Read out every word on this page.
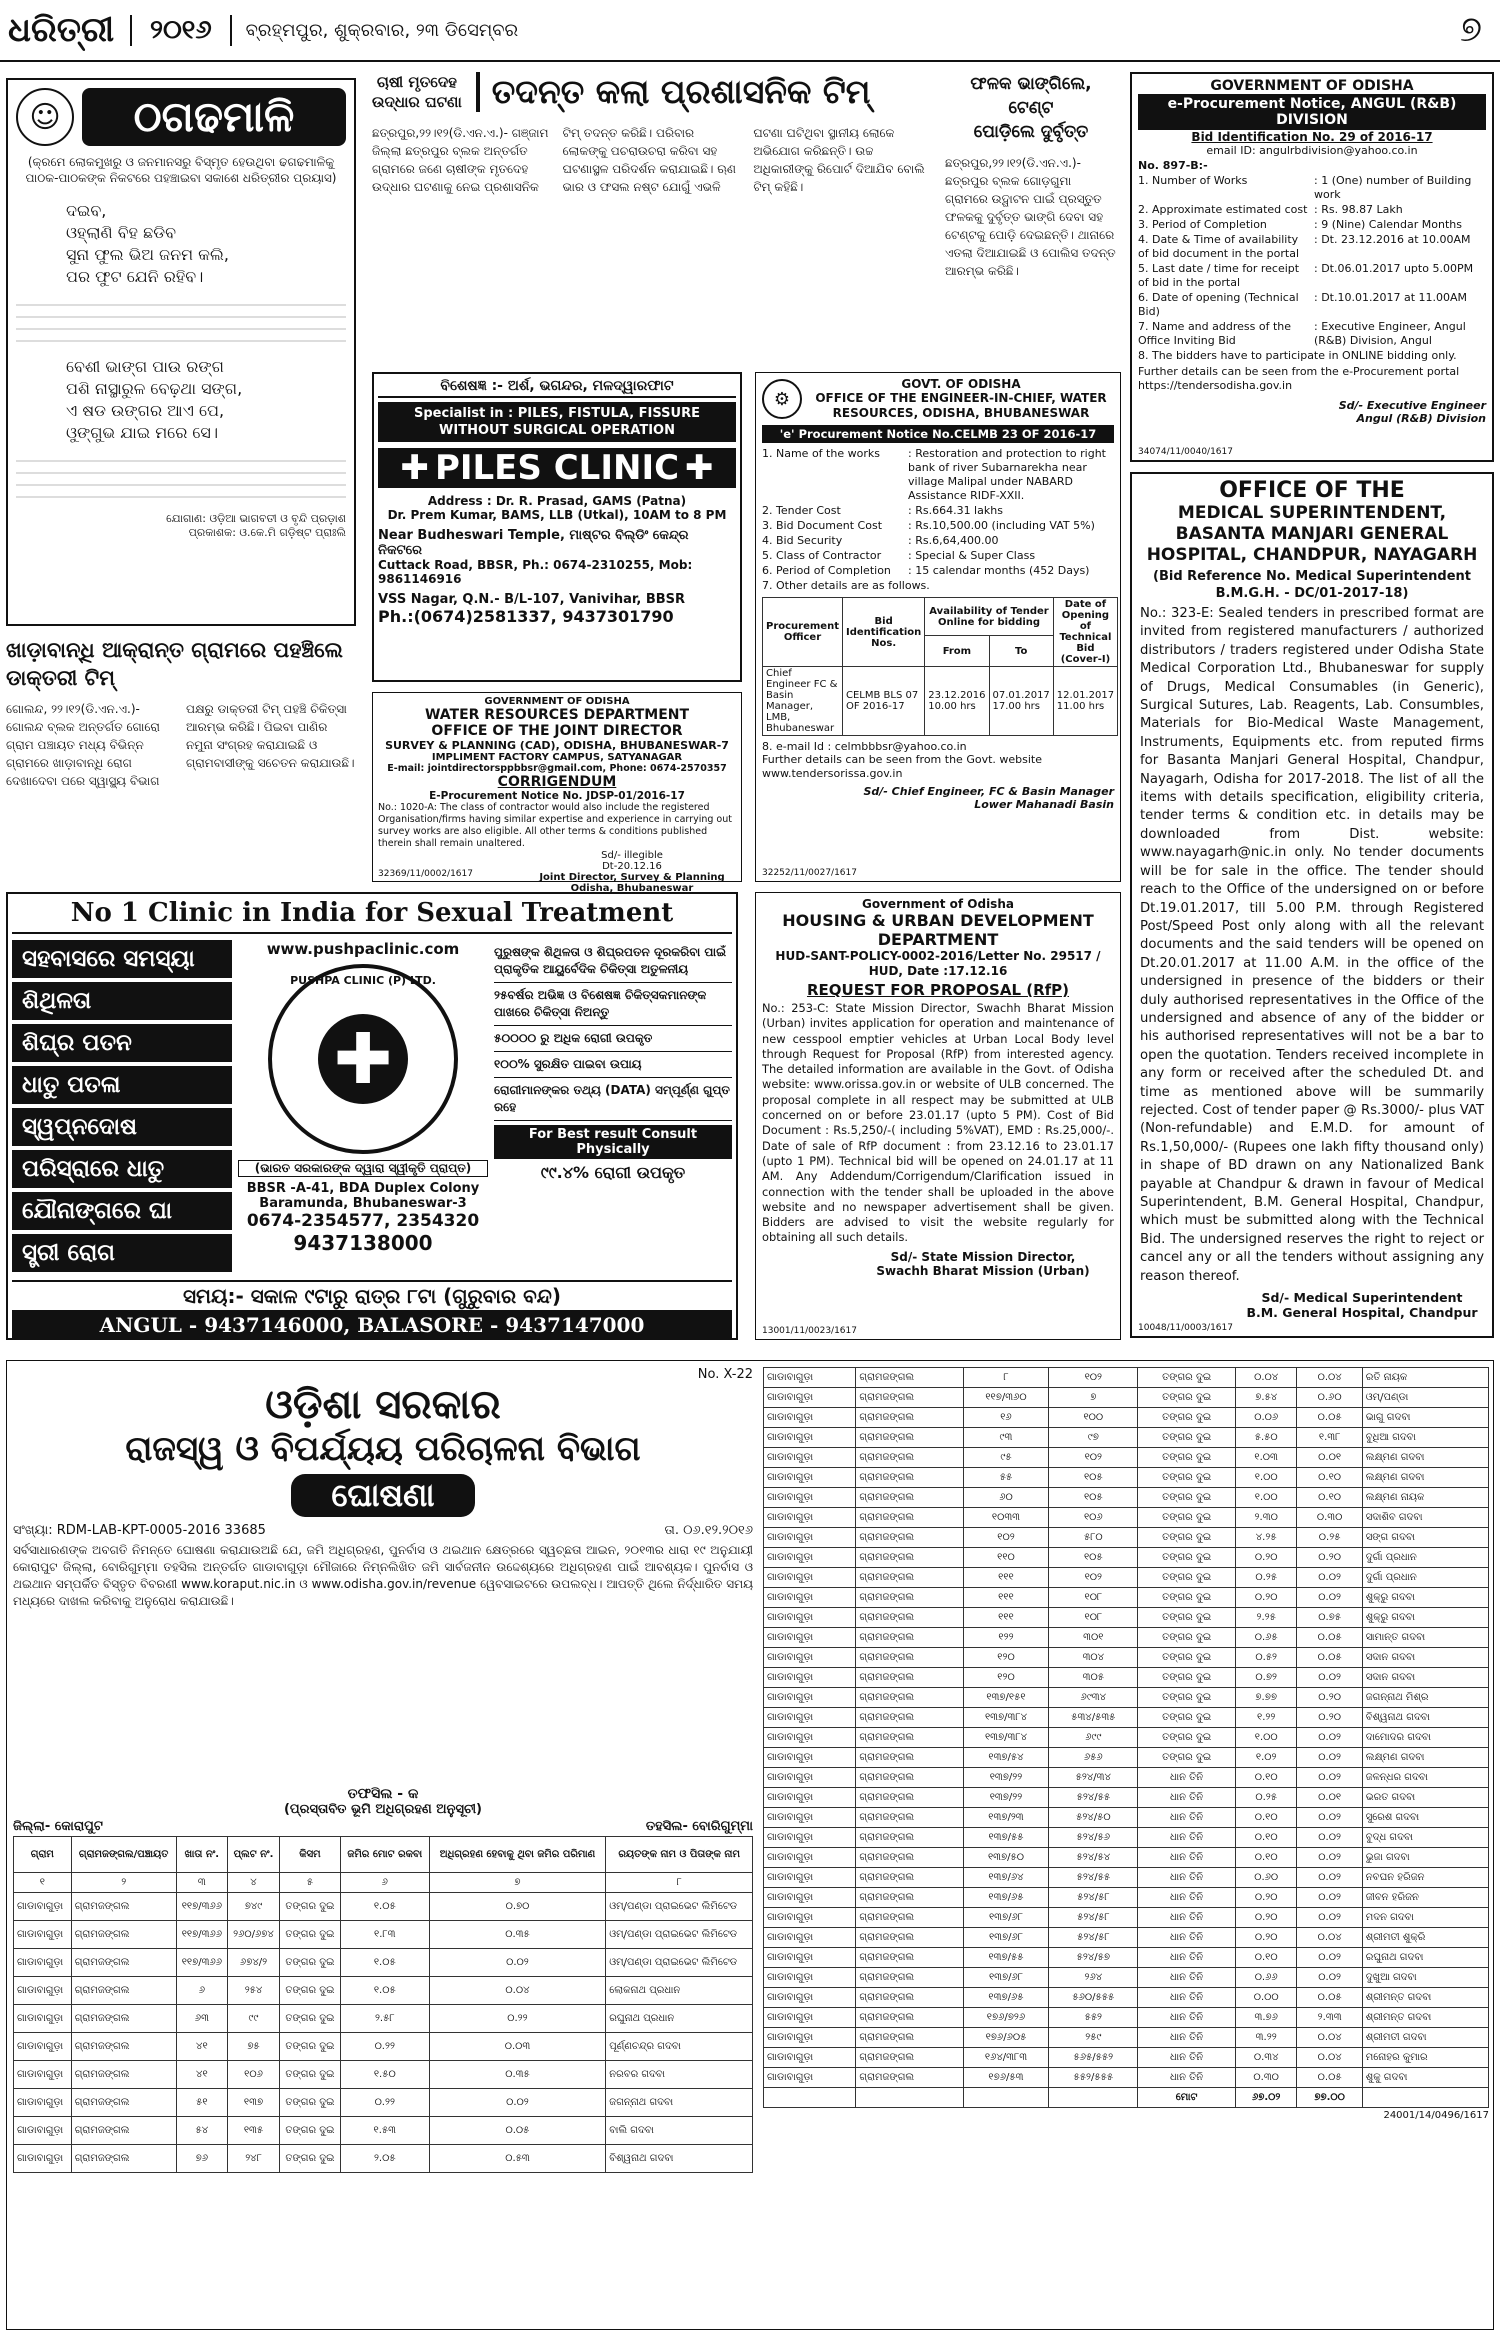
ଧରିତ୍ରୀ	୨୦୧୬	ବ୍ରହ୍ମପୁର, ଶୁକ୍ରବାର, ୨୩ ଡିସେମ୍ବର	୭
☺	ଠଗଢମାଳି
(କ୍ରମେ ଲୋକମୁଖରୁ ଓ ଜନମାନସରୁ ବିସ୍ମୃତ ହେଉଥିବା ଢଗଢମାଳିକୁ ପାଠକ-ପାଠକଙ୍କ ନିକଟରେ ପହଞ୍ଚାଇବା ସକାଶେ ଧରିତ୍ରୀର ପ୍ରୟାସ)
ଦଇବ,
ଓହ୍ଲାଣି ବିହ ଛଡିବ
ସୁନା ଫୁଲ ଭିଅ ଜନମ କଲି,
ପର ଫୁଟ ଯେନି ରହିବ।
ବେଶୀ ଭାଙ୍ଗ ପାଉ ରଙ୍ଗ
ପଶି ନାସ୍ଥାରୁଳ ବେଢ଼ଥା ସଙ୍ଗ,
ଏ ଷଡ ଉଙ୍ଗର ଆଏ ପେ,
ଓୁଙ୍ଗୁଭ ଯାଇ ମରେ ସେ।
ଯୋଗାଣ: ଓଡ଼ିଆ ଭାଗବତୀ ଓ ବୃନ୍ଦି ପ୍ରଡ଼ାଶ
ପ୍ରକାଶକ: ଓ.କେ.ମି ଗଡ଼ିଷ୍ଟ ପ୍ରାଃଲି
ଖାଡ଼ାବାନ୍ଧି ଆକ୍ରାନ୍ତ ଗ୍ରାମରେ ପହଞ୍ଚିଲେ ଡାକ୍ତରୀ ଟିମ୍
ଗୋଲନ୍ଦ, ୨୨।୧୨(ଡି.ଏନ.ଏ.)- ଗୋଲନ୍ଦ ବ୍ଲକ ଅନ୍ତର୍ଗତ ଗୋରୋ ଗ୍ରାମ ପଞ୍ଚାୟତ ମଧ୍ୟ ବିଭିନ୍ନ ଗ୍ରାମରେ ଖାଡ଼ାବାନ୍ଧି ରୋଗ ଦେଖାଦେବା ପରେ ସ୍ୱାସ୍ଥ୍ୟ ବିଭାଗ ପକ୍ଷରୁ ଡାକ୍ତରୀ ଟିମ୍ ପହଞ୍ଚି ଚିକିତ୍ସା ଆରମ୍ଭ କରିଛି। ପିଇବା ପାଣିର ନମୁନା ସଂଗ୍ରହ କରାଯାଇଛି ଓ ଗ୍ରାମବାସୀଙ୍କୁ ସଚେତନ କରାଯାଉଛି।
ଚାଷୀ ମୃତଦେହ
ଉଦ୍ଧାର ଘଟଣା ତଦନ୍ତ କଲା ପ୍ରଶାସନିକ ଟିମ୍
ଛତ୍ରପୁର,୨୨।୧୨(ଡି.ଏନ.ଏ.)- ଗଞ୍ଜାମ ଜିଲ୍ଲା ଛତ୍ରପୁର ବ୍ଲକ ଅନ୍ତର୍ଗତ ଗ୍ରାମରେ ଜଣେ ଚାଷୀଙ୍କ ମୃତଦେହ ଉଦ୍ଧାର ଘଟଣାକୁ ନେଇ ପ୍ରଶାସନିକ ଟିମ୍ ତଦନ୍ତ କରିଛି। ପରିବାର ଲୋକଙ୍କୁ ପଚରାଉଚରା କରିବା ସହ ଘଟଣାସ୍ଥଳ ପରିଦର୍ଶନ କରାଯାଇଛି। ଋଣ ଭାର ଓ ଫସଲ ନଷ୍ଟ ଯୋଗୁଁ ଏଭଳି ଘଟଣା ଘଟିଥିବା ସ୍ଥାନୀୟ ଲୋକେ ଅଭିଯୋଗ କରିଛନ୍ତି। ଉଚ୍ଚ ଅଧିକାରୀଙ୍କୁ ରିପୋର୍ଟ ଦିଆଯିବ ବୋଲି ଟିମ୍ କହିଛି।
ଫଳକ ଭାଙ୍ଗିଲେ, ଟେଣ୍ଟ
ପୋଡ଼ିଲେ ଦୁର୍ବୃତ୍ତ
ଛତ୍ରପୁର,୨୨।୧୨(ଡି.ଏନ.ଏ.)- ଛତ୍ରପୁର ବ୍ଲକ ଗୋଡ଼ଗୁମା ଗ୍ରାମରେ ଉଦ୍ଘାଟନ ପାଇଁ ପ୍ରସ୍ତୁତ ଫଳକକୁ ଦୁର୍ବୃତ୍ତ ଭାଙ୍ଗି ଦେବା ସହ ଟେଣ୍ଟକୁ ପୋଡ଼ି ଦେଇଛନ୍ତି। ଥାନାରେ ଏତଲା ଦିଆଯାଇଛି ଓ ପୋଲିସ ତଦନ୍ତ ଆରମ୍ଭ କରିଛି।
GOVERNMENT OF ODISHA
e-Procurement Notice, ANGUL (R&B) DIVISION
Bid Identification No. 29 of 2016-17
email ID: angulrbdivision@yahoo.co.in
No. 897-B:-
1. Number of Works	: 1 (One) number of Building work
2. Approximate estimated cost : Rs. 98.87 Lakh
3. Period of Completion	: 9 (Nine) Calendar Months
4. Date & Time of availability of bid document in the portal
: Dt. 23.12.2016 at 10.00AM
5. Last date / time for receipt of bid in the portal
: Dt.06.01.2017 upto 5.00PM
6. Date of opening (Technical Bid)
: Dt.10.01.2017 at 11.00AM
7. Name and address of the Office Inviting Bid
: Executive Engineer, Angul (R&B) Division, Angul
8. The bidders have to participate in ONLINE bidding only.
Further details can be seen from the e-Procurement portal https://tendersodisha.gov.in
Sd/- Executive Engineer
Angul (R&B) Division
34074/11/0040/1617
ବିଶେଷଜ୍ଞ :- ଅର୍ଶ, ଭଗନ୍ଦର, ମଳଦ୍ୱାରଫାଟ
Specialist in : PILES, FISTULA, FISSURE WITHOUT SURGICAL OPERATION
✚ PILES CLINIC ✚
Address : Dr. R. Prasad, GAMS (Patna)
Dr. Prem Kumar, BAMS, LLB (Utkal), 10AM to 8 PM
Near Budheswari Temple, ମାଷ୍ଟର ବିଲ୍ଡିଂ କେନ୍ଦ୍ର ନିକଟରେ
Cuttack Road, BBSR, Ph.: 0674-2310255, Mob: 9861146916
VSS Nagar, Q.N.- B/L-107, Vanivihar, BBSR
Ph.:(0674)2581337, 9437301790
GOVERNMENT OF ODISHA
WATER RESOURCES DEPARTMENT
OFFICE OF THE JOINT DIRECTOR
SURVEY & PLANNING (CAD), ODISHA, BHUBANESWAR-7
IMPLIMENT FACTORY CAMPUS, SATYANAGAR
E-mail: jointdirectorsppbbsr@gmail.com, Phone: 0674-2570357
CORRIGENDUM
E-Procurement Notice No. JDSP-01/2016-17
No.: 1020-A: The class of contractor would also include the registered Organisation/firms having similar expertise and experience in carrying out survey works are also eligible. All other terms & conditions published therein shall remain unaltered.
Sd/- illegible
Dt-20.12.16
Joint Director, Survey & Planning
Odisha, Bhubaneswar
32369/11/0002/1617
⚙
GOVT. OF ODISHA
OFFICE OF THE ENGINEER-IN-CHIEF, WATER RESOURCES, ODISHA, BHUBANESWAR
'e' Procurement Notice No.CELMB 23 OF 2016-17
1. Name of the works	: Restoration and protection to right bank of river Subarnarekha near village Malipal under NABARD Assistance RIDF-XXII.
2. Tender Cost	: Rs.664.31 lakhs
3. Bid Document Cost	: Rs.10,500.00 (including VAT 5%)
4. Bid Security	: Rs.6,64,400.00
5. Class of Contractor	: Special & Super Class
6. Period of Completion	: 15 calendar months (452 Days)
7. Other details are as follows.
Procurement Officer	Bid Identification Nos.	Availability of Tender Online for bidding		Date of Opening of Technical Bid (Cover-I)
		From	To	
Chief Engineer FC & Basin Manager, LMB, Bhubaneswar	CELMB BLS 07 OF 2016-17	23.12.2016 10.00 hrs	07.01.2017 17.00 hrs	12.01.2017 11.00 hrs
8. e-mail Id : celmbbbsr@yahoo.co.in
Further details can be seen from the Govt. website www.tendersorissa.gov.in
Sd/- Chief Engineer, FC & Basin Manager
Lower Mahanadi Basin
32252/11/0027/1617
OFFICE OF THE
MEDICAL SUPERINTENDENT, BASANTA MANJARI GENERAL HOSPITAL, CHANDPUR, NAYAGARH
(Bid Reference No. Medical Superintendent B.M.G.H. - DC/01-2017-18)
No.: 323-E: Sealed tenders in prescribed format are invited from registered manufacturers / authorized distributors / traders registered under Odisha State Medical Corporation Ltd., Bhubaneswar for supply of Drugs, Medical Consumables (in Generic), Surgical Sutures, Lab. Reagents, Lab. Consumbles, Materials for Bio-Medical Waste Management, Instruments, Equipments etc. from reputed firms for Basanta Manjari General Hospital, Chandpur, Nayagarh, Odisha for 2017-2018. The list of all the items with details specification, eligibility criteria, tender terms & condition etc. in details may be downloaded from Dist. website: www.nayagarh@nic.in only. No tender documents will be for sale in the office. The tender should reach to the Office of the undersigned on or before Dt.19.01.2017, till 5.00 P.M. through Registered Post/Speed Post only along with all the relevant documents and the said tenders will be opened on Dt.20.01.2017 at 11.00 A.M. in the office of the undersigned in presence of the bidders or their duly authorised representatives in the Office of the undersigned and absence of any of the bidder or his authorised representatives will not be a bar to open the quotation. Tenders received incomplete in any form or received after the scheduled Dt. and time as mentioned above will be summarily rejected. Cost of tender paper @ Rs.3000/- plus VAT (Non-refundable) and E.M.D. for amount of Rs.1,50,000/- (Rupees one lakh fifty thousand only) in shape of BD drawn on any Nationalized Bank payable at Chandpur & drawn in favour of Medical Superintendent, B.M. General Hospital, Chandpur, which must be submitted along with the Technical Bid. The undersigned reserves the right to reject or cancel any or all the tenders without assigning any reason thereof.
Sd/- Medical Superintendent
B.M. General Hospital, Chandpur
10048/11/0003/1617
No 1 Clinic in India for Sexual Treatment
ସହବାସରେ ସମସ୍ୟା
ଶିଥିଳତା
ଶିଘ୍ର ପତନ
ଧାତୁ ପତଳା
ସ୍ୱପ୍ନଦୋଷ
ପରିସ୍ରାରେ ଧାତୁ
ଯୌନାଙ୍ଗରେ ଘା
ସ୍ତ୍ରୀ ରୋଗ
www.pushpaclinic.com
✚
PUSHPA CLINIC (P) LTD.
(ଭାରତ ସରକାରଙ୍କ ଦ୍ୱାରା ସ୍ୱୀକୃତି ପ୍ରାପ୍ତ)
BBSR -A-41, BDA Duplex Colony
Baramunda, Bhubaneswar-3
0674-2354577, 2354320
9437138000
ପୁରୁଷଙ୍କ ଶିଥିଳତା ଓ ଶିଘ୍ରପତନ ଦୂରକରିବା ପାଇଁ ପ୍ରାକୃତିକ ଆୟୁର୍ବେଦିକ ଚିକିତ୍ସା ଅତୁଳନୀୟ
୨୫ବର୍ଷର ଅଭିଜ୍ଞ ଓ ବିଶେଷଜ୍ଞ ଚିକିତ୍ସକମାନଙ୍କ ପାଖରେ ଚିକିତ୍ସା ନିଅନ୍ତୁ
୫୦୦୦୦ ରୁ ଅଧିକ ରୋଗୀ ଉପକୃତ
୧୦୦% ସୁରକ୍ଷିତ ପାଇବା ଉପାୟ
ରୋଗୀମାନଙ୍କର ତଥ୍ୟ (DATA) ସମ୍ପୂର୍ଣ୍ଣ ଗୁପ୍ତ ରହେ
For Best result Consult Physically
୯୯.୪% ରୋଗୀ ଉପକୃତ
ସମୟ:- ସକାଳ ୯ଟାରୁ ରାତ୍ର ୮ଟା (ଗୁରୁବାର ବନ୍ଦ)
ANGUL - 9437146000, BALASORE - 9437147000
Government of Odisha
HOUSING & URBAN DEVELOPMENT DEPARTMENT
HUD-SANT-POLICY-0002-2016/Letter No. 29517 / HUD, Date :17.12.16
REQUEST FOR PROPOSAL (RfP)
No.: 253-C: State Mission Director, Swachh Bharat Mission (Urban) invites application for operation and maintenance of new cesspool emptier vehicles at Urban Local Body level through Request for Proposal (RfP) from interested agency. The detailed information are available in the Govt. of Odisha website: www.orissa.gov.in or website of ULB concerned. The proposal complete in all respect may be submitted at ULB concerned on or before 23.01.17 (upto 5 PM). Cost of Bid Document : Rs.5,250/-( including 5%VAT), EMD : Rs.25,000/-. Date of sale of RfP document : from 23.12.16 to 23.01.17 (upto 1 PM). Technical bid will be opened on 24.01.17 at 11 AM. Any Addendum/Corrigendum/Clarification issued in connection with the tender shall be uploaded in the above website and no newspaper advertisement shall be given. Bidders are advised to visit the website regularly for obtaining all such details.
Sd/- State Mission Director,
Swachh Bharat Mission (Urban)
13001/11/0023/1617
No. X-22
ଓଡ଼ିଶା ସରକାର
ରାଜସ୍ୱ ଓ ବିପର୍ଯ୍ୟୟ ପରିଚାଳନା ବିଭାଗ
ଘୋଷଣା
ସଂଖ୍ୟା: RDM-LAB-KPT-0005-2016 33685	ତା. ୦୬.୧୨.୨୦୧୬
ସର୍ବସାଧାରଣଙ୍କ ଅବଗତି ନିମନ୍ତେ ଘୋଷଣା କରାଯାଉଅଛି ଯେ, ଜମି ଅଧିଗ୍ରହଣ, ପୁନର୍ବାସ ଓ ଥଇଥାନ କ୍ଷେତ୍ରରେ ସ୍ୱଚ୍ଛତା ଆଇନ, ୨୦୧୩ର ଧାରା ୧୯ ଅନୁଯାୟୀ କୋରାପୁଟ ଜିଲ୍ଲା, ବୋରିଗୁମ୍ମା ତହସିଲ ଅନ୍ତର୍ଗତ ଗାଡାବାଗୁଡ଼ା ମୌଜାରେ ନିମ୍ନଲିଖିତ ଜମି ସାର୍ବଜନୀନ ଉଦ୍ଦେଶ୍ୟରେ ଅଧିଗ୍ରହଣ ପାଇଁ ଆବଶ୍ୟକ। ପୁନର୍ବାସ ଓ ଥଇଥାନ ସମ୍ପର୍କିତ ବିସ୍ତୃତ ବିବରଣୀ www.koraput.nic.in ଓ www.odisha.gov.in/revenue ୱେବସାଇଟରେ ଉପଲବ୍ଧ। ଆପତ୍ତି ଥିଲେ ନିର୍ଦ୍ଧାରିତ ସମୟ ମଧ୍ୟରେ ଦାଖଲ କରିବାକୁ ଅନୁରୋଧ କରାଯାଉଛି।
ତଫସିଲ - କ
(ପ୍ରସ୍ତାବିତ ଭୂମି ଅଧିଗ୍ରହଣ ଅନୁସୂଚୀ)
ଜିଲ୍ଲା- କୋରାପୁଟ	ତହସିଲ- ବୋରିଗୁମ୍ମା
ଗ୍ରାମ	ଗ୍ରାମଜଙ୍ଗଲ/ପଞ୍ଚାୟତ	ଖାତା ନଂ.	ପ୍ଲଟ ନଂ.	କିସମ	ଜମିର ମୋଟ ରକବା	ଅଧିଗ୍ରହଣ ହେବାକୁ ଥିବା ଜମିର ପରିମାଣ	ରୟତଙ୍କ ନାମ ଓ ପିତାଙ୍କ ନାମ
୧	୨	୩	୪	୫	୬	୭	୮
ଗାଡାବାଗୁଡ଼ା	ଗ୍ରାମଜଙ୍ଗଲ	୧୧୭/୩୬୬	୭୪୯	ତଙ୍ଗର ଦୁଇ	୧.୦୫	୦.୭୦	ଓମ୍‌/ପଣ୍ଡା ପ୍ରାଇଭେଟ ଲିମିଟେଡ
ଗାଡାବାଗୁଡ଼ା	ଗ୍ରାମଜଙ୍ଗଲ	୧୧୭/୩୬୬	୨୬୦/୬୭୪	ତଙ୍ଗର ଦୁଇ	୧.୮୩	୦.୩୫	ଓମ୍‌/ପଣ୍ଡା ପ୍ରାଇଭେଟ ଲିମିଟେଡ
ଗାଡାବାଗୁଡ଼ା	ଗ୍ରାମଜଙ୍ଗଲ	୧୧୭/୩୬୬	୬୭୪/୨	ତଙ୍ଗର ଦୁଇ	୧.୦୫	୦.୦୨	ଓମ୍‌/ପଣ୍ଡା ପ୍ରାଇଭେଟ ଲିମିଟେଡ
ଗାଡାବାଗୁଡ଼ା	ଗ୍ରାମଜଙ୍ଗଲ	୬	୨୫୪	ତଙ୍ଗର ଦୁଇ	୧.୦୫	୦.୦୪	ଲୋକନାଥ ପ୍ରଧାନ
ଗାଡାବାଗୁଡ଼ା	ଗ୍ରାମଜଙ୍ଗଲ	୬୩	୯୯	ତଙ୍ଗର ଦୁଇ	୨.୫୮	୦.୨୨	ରଘୁନାଥ ପ୍ରଧାନ
ଗାଡାବାଗୁଡ଼ା	ଗ୍ରାମଜଙ୍ଗଲ	୪୧	୭୫	ତଙ୍ଗର ଦୁଇ	୦.୨୨	୦.୦୩	ପୂର୍ଣ୍ଣଚନ୍ଦ୍ର ଗଦବା
ଗାଡାବାଗୁଡ଼ା	ଗ୍ରାମଜଙ୍ଗଲ	୪୧	୧୦୬	ତଙ୍ଗର ଦୁଇ	୧.୫୦	୦.୩୫	ନରବର ଗଦବା
ଗାଡାବାଗୁଡ଼ା	ଗ୍ରାମଜଙ୍ଗଲ	୫୧	୧୩୭	ତଙ୍ଗର ଦୁଇ	୦.୨୨	୦.୦୨	ଜଗନ୍ନାଥ ଗଦବା
ଗାଡାବାଗୁଡ଼ା	ଗ୍ରାମଜଙ୍ଗଲ	୫୪	୧୩୫	ତଙ୍ଗର ଦୁଇ	୧.୫୩	୦.୦୫	ବାଲି ଗଦବା
ଗାଡାବାଗୁଡ଼ା	ଗ୍ରାମଜଙ୍ଗଲ	୭୬	୨୪୮	ତଙ୍ଗର ଦୁଇ	୨.୦୫	୦.୫୩	ବିଶ୍ୱନାଥ ଗଦବା
ଗାଡାବାଗୁଡ଼ା	ଗ୍ରାମଜଙ୍ଗଲ	୮	୧୦୨	ତଙ୍ଗର ଦୁଇ	୦.୦୪	୦.୦୪	ରତି ନାୟକ
ଗାଡାବାଗୁଡ଼ା	ଗ୍ରାମଜଙ୍ଗଲ	୧୧୭/୩୬୦	୭	ତଙ୍ଗର ଦୁଇ	୭.୫୪	୦.୬୦	ଓମ୍‌/ପଣ୍ଡା
ଗାଡାବାଗୁଡ଼ା	ଗ୍ରାମଜଙ୍ଗଲ	୧୬	୧୦୦	ତଙ୍ଗର ଦୁଇ	୦.୦୬	୦.୦୫	ଭାଗୁ ଗଦବା
ଗାଡାବାଗୁଡ଼ା	ଗ୍ରାମଜଙ୍ଗଲ	୯୩	୯୭	ତଙ୍ଗର ଦୁଇ	୫.୫୦	୧.୩୮	ବୁଧିଆ ଗଦବା
ଗାଡାବାଗୁଡ଼ା	ଗ୍ରାମଜଙ୍ଗଲ	୯୫	୧୦୨	ତଙ୍ଗର ଦୁଇ	୧.୦୩	୦.୦୧	ଲକ୍ଷ୍ମଣ ଗଦବା
ଗାଡାବାଗୁଡ଼ା	ଗ୍ରାମଜଙ୍ଗଲ	୫୫	୧୦୫	ତଙ୍ଗର ଦୁଇ	୧.୦୦	୦.୧୦	ଲକ୍ଷ୍ମଣ ଗଦବା
ଗାଡାବାଗୁଡ଼ା	ଗ୍ରାମଜଙ୍ଗଲ	୬୦	୧୦୫	ତଙ୍ଗର ଦୁଇ	୧.୦୦	୦.୧୦	ଲକ୍ଷ୍ମଣ ନାୟକ
ଗାଡାବାଗୁଡ଼ା	ଗ୍ରାମଜଙ୍ଗଲ	୧୦୩୩	୧୦୬	ତଙ୍ଗର ଦୁଇ	୨.୩୦	୦.୩୦	ସଦାଶିବ ଗଦବା
ଗାଡାବାଗୁଡ଼ା	ଗ୍ରାମଜଙ୍ଗଲ	୧୦୨	୫୮୦	ତଙ୍ଗର ଦୁଇ	୪.୨୫	୦.୨୫	ସଙ୍ଗ ଗଦବା
ଗାଡାବାଗୁଡ଼ା	ଗ୍ରାମଜଙ୍ଗଲ	୧୧୦	୧୦୫	ତଙ୍ଗର ଦୁଇ	୦.୨୦	୦.୨୦	ଦୁର୍ଗା ପ୍ରଧାନ
ଗାଡାବାଗୁଡ଼ା	ଗ୍ରାମଜଙ୍ଗଲ	୧୧୧	୧୦୨	ତଙ୍ଗର ଦୁଇ	୦.୨୫	୦.୦୨	ଦୁର୍ଗା ପ୍ରଧାନ
ଗାଡାବାଗୁଡ଼ା	ଗ୍ରାମଜଙ୍ଗଲ	୧୧୧	୧୦୮	ତଙ୍ଗର ଦୁଇ	୦.୨୦	୦.୦୨	ଶୁକ୍ରୁ ଗଦବା
ଗାଡାବାଗୁଡ଼ା	ଗ୍ରାମଜଙ୍ଗଲ	୧୧୧	୧୦୮	ତଙ୍ଗର ଦୁଇ	୨.୨୫	୦.୭୫	ଶୁକ୍ରୁ ଗଦବା
ଗାଡାବାଗୁଡ଼ା	ଗ୍ରାମଜଙ୍ଗଲ	୧୨୨	୩୦୧	ତଙ୍ଗର ଦୁଇ	୦.୬୫	୦.୦୫	ସାମାନ୍ତ ଗଦବା
ଗାଡାବାଗୁଡ଼ା	ଗ୍ରାମଜଙ୍ଗଲ	୧୨୦	୩୦୪	ତଙ୍ଗର ଦୁଇ	୦.୫୨	୦.୦୫	ସଦାନ ଗଦବା
ଗାଡାବାଗୁଡ଼ା	ଗ୍ରାମଜଙ୍ଗଲ	୧୨୦	୩୦୫	ତଙ୍ଗର ଦୁଇ	୦.୭୨	୦.୦୨	ସଦାନ ଗଦବା
ଗାଡାବାଗୁଡ଼ା	ଗ୍ରାମଜଙ୍ଗଲ	୧୩୭/୧୫୧	୬୯୩୪	ତଙ୍ଗର ଦୁଇ	୭.୭୭	୦.୨୦	ଜଗନ୍ନାଥ ମିଶ୍ର
ଗାଡାବାଗୁଡ଼ା	ଗ୍ରାମଜଙ୍ଗଲ	୧୩୭/୩୮୪	୫୩୪/୫୩୫	ତଙ୍ଗର ଦୁଇ	୧.୨୨	୦.୨୦	ବିଶ୍ୱନାଥ ଗଦବା
ଗାଡାବାଗୁଡ଼ା	ଗ୍ରାମଜଙ୍ଗଲ	୧୩୭/୩୮୪	୬୯୯	ତଙ୍ଗର ଦୁଇ	୧.୦୦	୦.୦୨	ଦାମୋଦର ଗଦବା
ଗାଡାବାଗୁଡ଼ା	ଗ୍ରାମଜଙ୍ଗଲ	୧୩୭/୫୪	୬୫୬	ତଙ୍ଗର ଦୁଇ	୧.୦୨	୦.୦୨	ଲକ୍ଷ୍ମଣ ଗଦବା
ଗାଡାବାଗୁଡ଼ା	ଗ୍ରାମଜଙ୍ଗଲ	୧୩୭/୨୨	୫୨୪/୩୪	ଧାନ ତିନି	୦.୧୦	୦.୦୨	ଜଳନ୍ଧର ଗଦବା
ଗାଡାବାଗୁଡ଼ା	ଗ୍ରାମଜଙ୍ଗଲ	୧୩୭/୨୨	୫୨୪/୫୫	ଧାନ ତିନି	୦.୨୫	୦.୦୧	ଭରତ ଗଦବା
ଗାଡାବାଗୁଡ଼ା	ଗ୍ରାମଜଙ୍ଗଲ	୧୩୭/୨୩	୫୨୪/୫୦	ଧାନ ତିନି	୦.୧୦	୦.୦୨	ସୁରେଶ ଗଦବା
ଗାଡାବାଗୁଡ଼ା	ଗ୍ରାମଜଙ୍ଗଲ	୧୩୭/୫୫	୫୨୪/୫୬	ଧାନ ତିନି	୦.୧୦	୦.୦୨	ବୁଦ୍ଧ ଗଦବା
ଗାଡାବାଗୁଡ଼ା	ଗ୍ରାମଜଙ୍ଗଲ	୧୩୭/୫୦	୫୨୪/୫୪	ଧାନ ତିନି	୦.୧୦	୦.୦୨	ଭୁଜା ଗଦବା
ଗାଡାବାଗୁଡ଼ା	ଗ୍ରାମଜଙ୍ଗଲ	୧୩୭/୬୪	୫୨୪/୫୫	ଧାନ ତିନି	୦.୬୦	୦.୦୨	ନବଘନ ହରିଜନ
ଗାଡାବାଗୁଡ଼ା	ଗ୍ରାମଜଙ୍ଗଲ	୧୩୭/୬୫	୫୨୪/୫୮	ଧାନ ତିନି	୦.୨୦	୦.୦୨	ଜୀବନ ହରିଜନ
ଗାଡାବାଗୁଡ଼ା	ଗ୍ରାମଜଙ୍ଗଲ	୧୩୭/୬୮	୫୨୪/୫୮	ଧାନ ତିନି	୦.୨୦	୦.୦୨	ମଦନ ଗଦବା
ଗାଡାବାଗୁଡ଼ା	ଗ୍ରାମଜଙ୍ଗଲ	୧୩୭/୬୮	୫୨୪/୫୮	ଧାନ ତିନି	୦.୨୦	୦.୦୪	ଶ୍ରୀମତୀ ଶୁକ୍ରି
ଗାଡାବାଗୁଡ଼ା	ଗ୍ରାମଜଙ୍ଗଲ	୧୩୭/୫୫	୫୨୪/୫୭	ଧାନ ତିନି	୦.୧୦	୦.୦୨	ରଘୁନାଥ ଗଦବା
ଗାଡାବାଗୁଡ଼ା	ଗ୍ରାମଜଙ୍ଗଲ	୧୩୭/୬୮	୨୬୪	ଧାନ ତିନି	୦.୬୬	୦.୦୨	ଦୁଖୁଆ ଗଦବା
ଗାଡାବାଗୁଡ଼ା	ଗ୍ରାମଜଙ୍ଗଲ	୧୩୭/୬୫	୫୬୦/୫୫୫	ଧାନ ତିନି	୦.୦୦	୦.୦୫	ଶ୍ରୀମନ୍ତ ଗଦବା
ଗାଡାବାଗୁଡ଼ା	ଗ୍ରାମଜଙ୍ଗଲ	୧୭୬/୭୨୬	୫୫୨	ଧାନ ତିନି	୩.୭୬	୨.୩୩	ଶ୍ରୀମନ୍ତ ଗଦବା
ଗାଡାବାଗୁଡ଼ା	ଗ୍ରାମଜଙ୍ଗଲ	୧୭୬/୬୦୫	୨୫୯	ଧାନ ତିନି	୩.୨୨	୦.୦୪	ଶ୍ରୀମତୀ ଗଦବା
ଗାଡାବାଗୁଡ଼ା	ଗ୍ରାମଜଙ୍ଗଲ	୧୬୪/୩୮୩	୫୬୫/୫୫୨	ଧାନ ତିନି	୦.୩୪	୦.୦୪	ମନୋହର କୁମାର
ଗାଡାବାଗୁଡ଼ା	ଗ୍ରାମଜଙ୍ଗଲ	୧୭୬/୫୩	୫୫୨/୫୫୫	ଧାନ ତିନି	୦.୩୦	୦.୦୫	ଶୁକୁ ଗଦବା
				ମୋଟ	୬୭.୦୨	୭୭.୦୦	
24001/14/0496/1617
